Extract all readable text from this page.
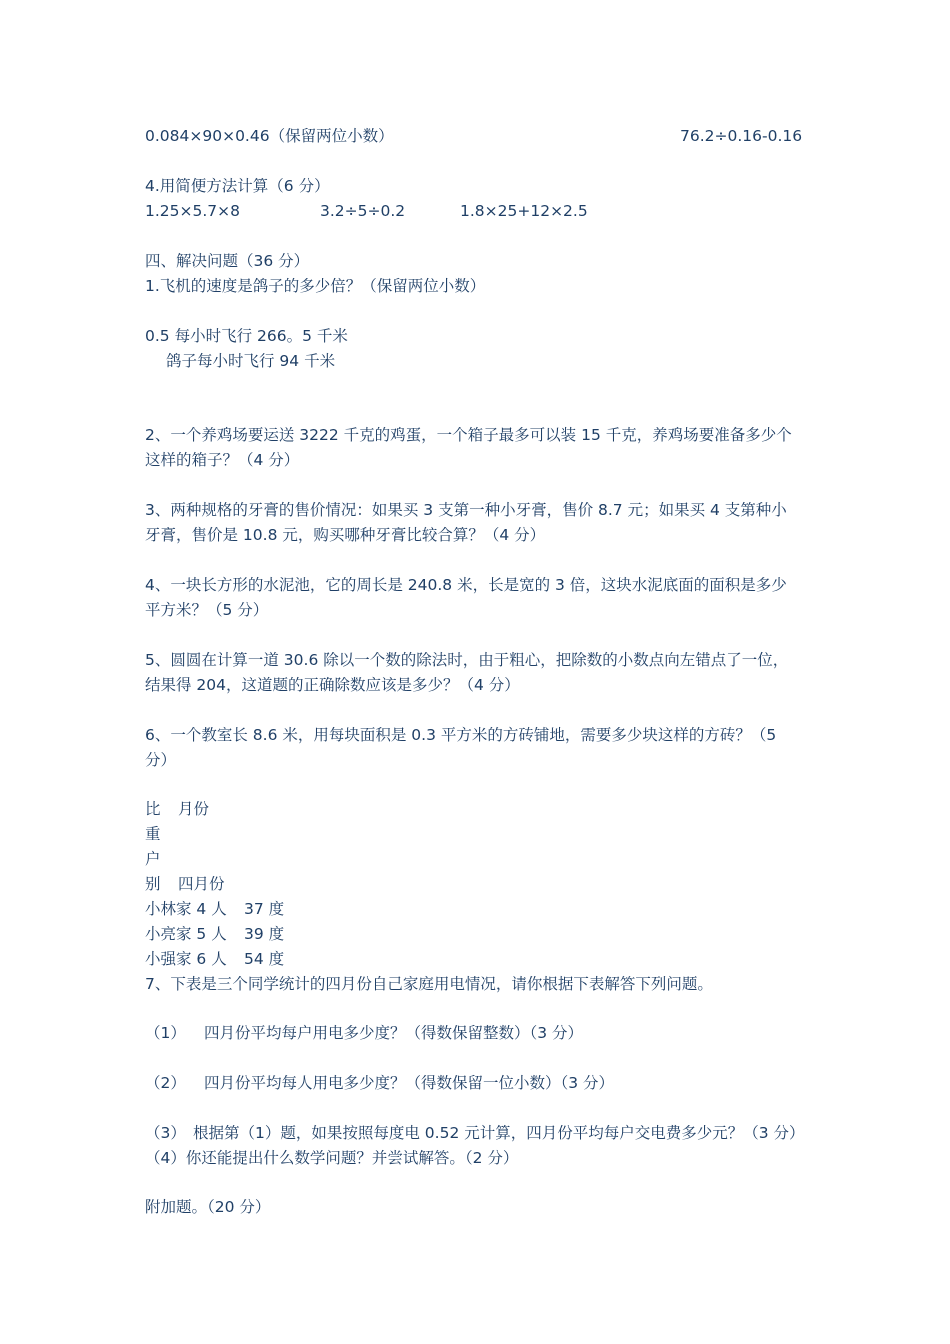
0.084×90×0.46（保留两位小数）	76.2÷0.16-0.16
4.用简便方法计算（6 分）
1.25×5.7×8	3.2÷5÷0.2	1.8×25+12×2.5
四、解决问题（36 分）
1.飞机的速度是鸽子的多少倍？（保留两位小数）
0.5 每小时飞行 266。5 千米
鸽子每小时飞行 94 千米
2、一个养鸡场要运送 3222 千克的鸡蛋，一个箱子最多可以装 15 千克，养鸡场要准备多少个
这样的箱子？（4 分）
3、两种规格的牙膏的售价情况：如果买 3 支第一种小牙膏，售价 8.7 元；如果买 4 支第种小
牙膏，售价是 10.8 元，购买哪种牙膏比较合算？（4 分）
4、一块长方形的水泥池，它的周长是 240.8 米，长是宽的 3 倍，这块水泥底面的面积是多少
平方米？（5 分）
5、圆圆在计算一道 30.6 除以一个数的除法时，由于粗心，把除数的小数点向左错点了一位，
结果得 204，这道题的正确除数应该是多少？（4 分）
6、一个教室长 8.6 米，用每块面积是 0.3 平方米的方砖铺地，需要多少块这样的方砖？（5
分）
比 月份
重
户
别 四月份
小林家 4 人 37 度
小亮家 5 人 39 度
小强家 6 人 54 度
7、下表是三个同学统计的四月份自己家庭用电情况，请你根据下表解答下列问题。
（1） 四月份平均每户用电多少度？（得数保留整数）（3 分）
（2） 四月份平均每人用电多少度？（得数保留一位小数）（3 分）
（3） 根据第（1）题，如果按照每度电 0.52 元计算，四月份平均每户交电费多少元？（3 分）
（4）你还能提出什么数学问题？并尝试解答。（2 分）
附加题。（20 分）
